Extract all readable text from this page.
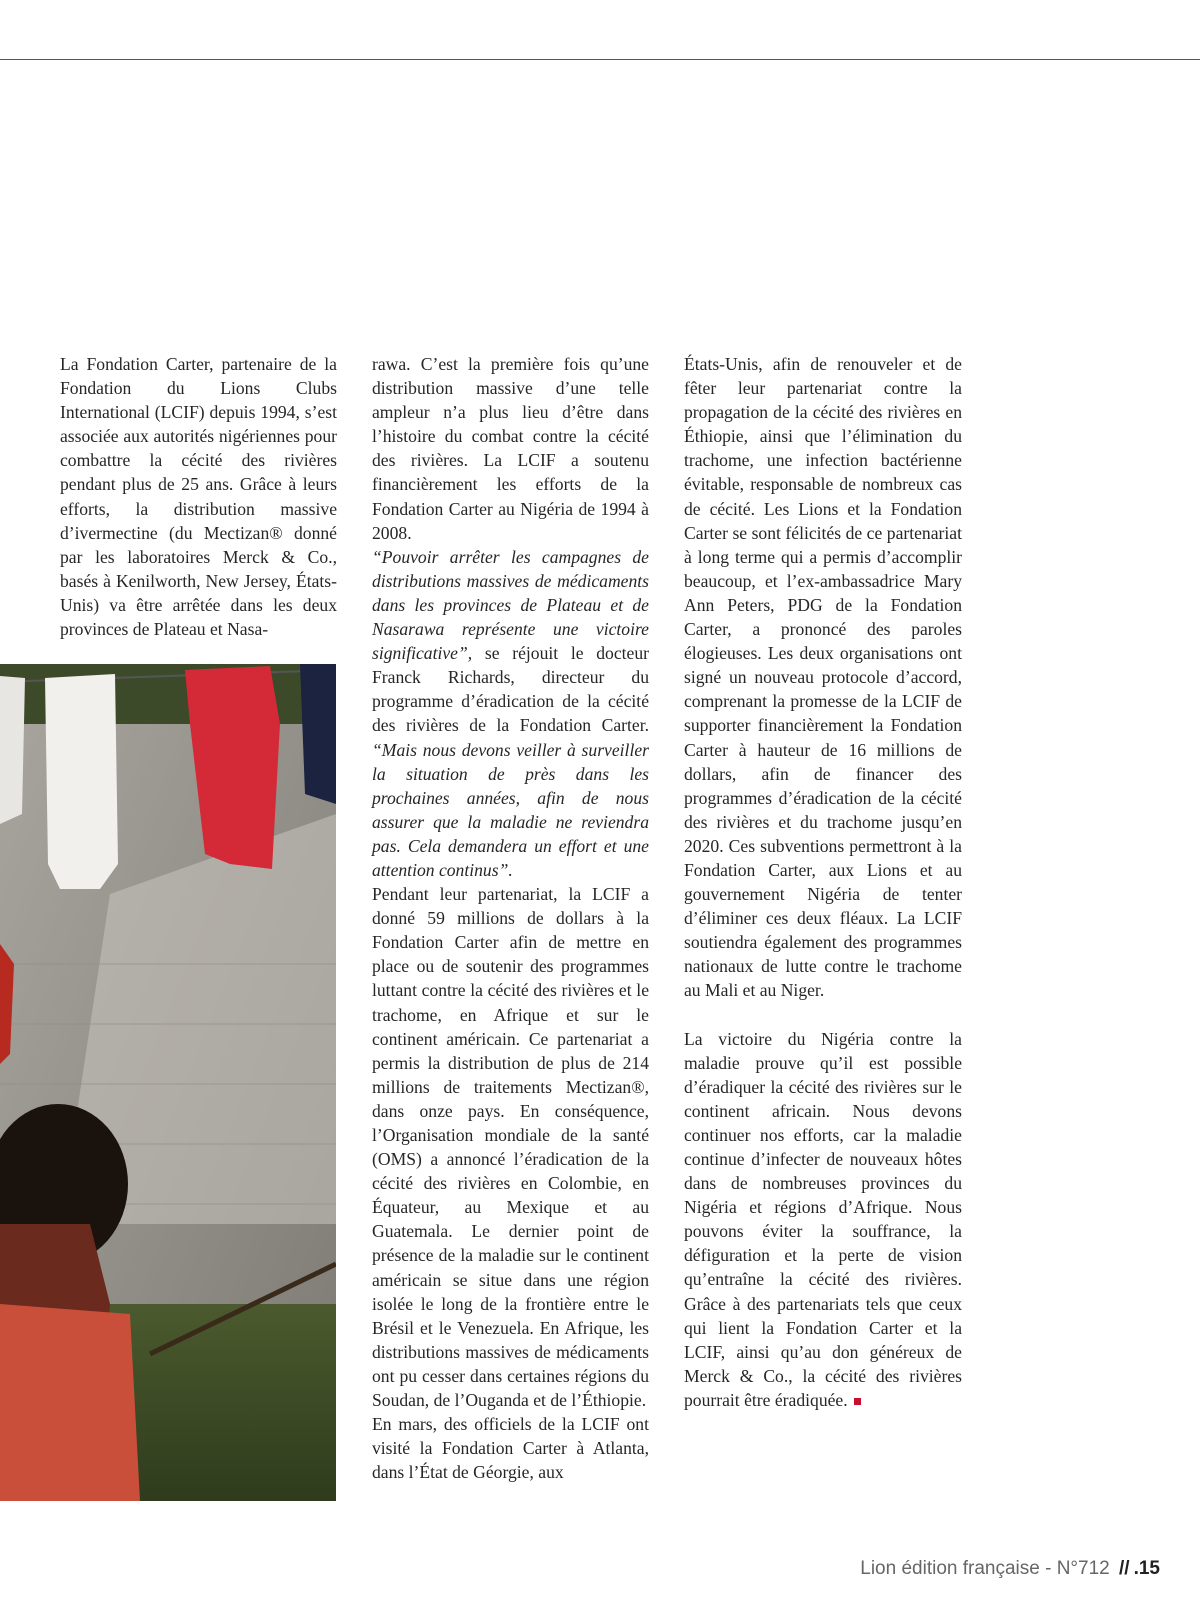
La Fondation Carter, partenaire de la Fondation du Lions Clubs International (LCIF) depuis 1994, s’est associée aux autorités nigériennes pour combattre la cécité des rivières pendant plus de 25 ans. Grâce à leurs efforts, la distribution massive d’ivermectine (du Mectizan® donné par les laboratoires Merck & Co., basés à Kenilworth, New Jersey, États-Unis) va être arrêtée dans les deux provinces de Plateau et Nasa-

rawa. C’est la première fois qu’une distribution massive d’une telle ampleur n’a plus lieu d’être dans l’histoire du combat contre la cécité des rivières. La LCIF a soutenu financièrement les efforts de la Fondation Carter au Nigéria de 1994 à 2008.

“Pouvoir arrêter les campagnes de distributions massives de médicaments dans les provinces de Plateau et de Nasarawa représente une victoire significative”, se réjouit le docteur Franck Richards, directeur du programme d’éradication de la cécité des rivières de la Fondation Carter. “Mais nous devons veiller à surveiller la situation de près dans les prochaines années, afin de nous assurer que la maladie ne reviendra pas. Cela demandera un effort et une attention continus”.

Pendant leur partenariat, la LCIF a donné 59 millions de dollars à la Fondation Carter afin de mettre en place ou de soutenir des programmes luttant contre la cécité des rivières et le trachome, en Afrique et sur le continent américain. Ce partenariat a permis la distribution de plus de 214 millions de traitements Mectizan®, dans onze pays. En conséquence, l’Organisation mondiale de la santé (OMS) a annoncé l’éradication de la cécité des rivières en Colombie, en Équateur, au Mexique et au Guatemala. Le dernier point de présence de la maladie sur le continent américain se situe dans une région isolée le long de la frontière entre le Brésil et le Venezuela. En Afrique, les distributions massives de médicaments ont pu cesser dans certaines régions du Soudan, de l’Ouganda et de l’Éthiopie.

En mars, des officiels de la LCIF ont visité la Fondation Carter à Atlanta, dans l’État de Géorgie, aux

États-Unis, afin de renouveler et de fêter leur partenariat contre la propagation de la cécité des rivières en Éthiopie, ainsi que l’élimination du trachome, une infection bactérienne évitable, responsable de nombreux cas de cécité. Les Lions et la Fondation Carter se sont félicités de ce partenariat à long terme qui a permis d’accomplir beaucoup, et l’ex-ambassadrice Mary Ann Peters, PDG de la Fondation Carter, a prononcé des paroles élogieuses. Les deux organisations ont signé un nouveau protocole d’accord, comprenant la promesse de la LCIF de supporter financièrement la Fondation Carter à hauteur de 16 millions de dollars, afin de financer des programmes d’éradication de la cécité des rivières et du trachome jusqu’en 2020. Ces subventions permettront à la Fondation Carter, aux Lions et au gouvernement Nigéria de tenter d’éliminer ces deux fléaux. La LCIF soutiendra également des programmes nationaux de lutte contre le trachome au Mali et au Niger.

La victoire du Nigéria contre la maladie prouve qu’il est possible d’éradiquer la cécité des rivières sur le continent africain. Nous devons continuer nos efforts, car la maladie continue d’infecter de nouveaux hôtes dans de nombreuses provinces du Nigéria et régions d’Afrique. Nous pouvons éviter la souffrance, la défiguration et la perte de vision qu’entraîne la cécité des rivières. Grâce à des partenariats tels que ceux qui lient la Fondation Carter et la LCIF, ainsi qu’au don généreux de Merck & Co., la cécité des rivières pourrait être éradiquée.

Lion édition française - N°712 // .15
